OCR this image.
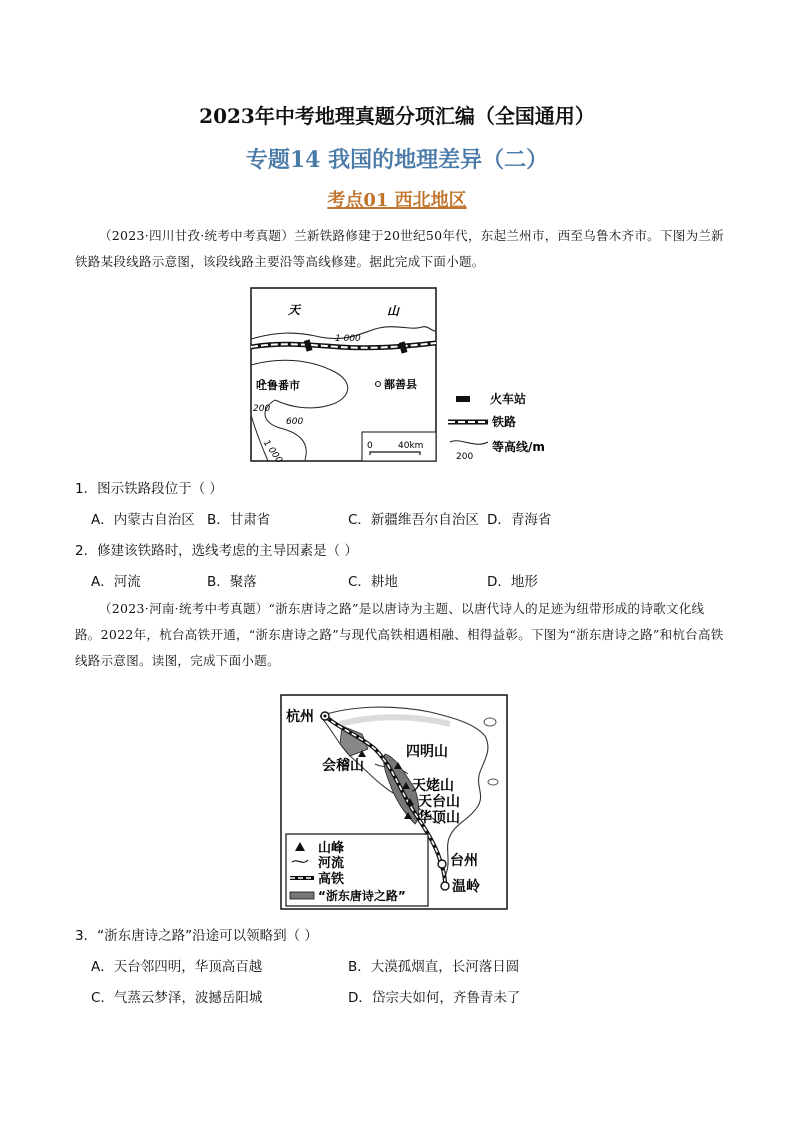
2023年中考地理真题分项汇编（全国通用）
专题14 我国的地理差异（二）
考点01 西北地区
（2023·四川甘孜·统考中考真题）兰新铁路修建于20世纪50年代，东起兰州市，西至乌鲁木齐市。下图为兰新铁路某段线路示意图，该段线路主要沿等高线修建。据此完成下面小题。
天	山
1 000
吐鲁番市	鄯善县
200
600
1 000	0	40km
火车站
铁路
200
等高线/m
1．图示铁路段位于（ ）
A．内蒙古自治区 B．甘肃省	C．新疆维吾尔自治区 D．青海省
2．修建该铁路时，选线考虑的主导因素是（ ）
A．河流	B．聚落	C．耕地	D．地形
（2023·河南·统考中考真题）“浙东唐诗之路”是以唐诗为主题、以唐代诗人的足迹为纽带形成的诗歌文化线路。2022年，杭台高铁开通，“浙东唐诗之路”与现代高铁相遇相融、相得益彰。下图为“浙东唐诗之路”和杭台高铁线路示意图。读图，完成下面小题。
杭州
台州
温岭
会稽山
四明山
天姥山
天台山
华顶山
山峰
河流
高铁
“浙东唐诗之路”
3．“浙东唐诗之路”沿途可以领略到（ ）
A．天台邻四明，华顶高百越	B．大漠孤烟直，长河落日圆
C．气蒸云梦泽，波撼岳阳城	D．岱宗夫如何，齐鲁青未了
